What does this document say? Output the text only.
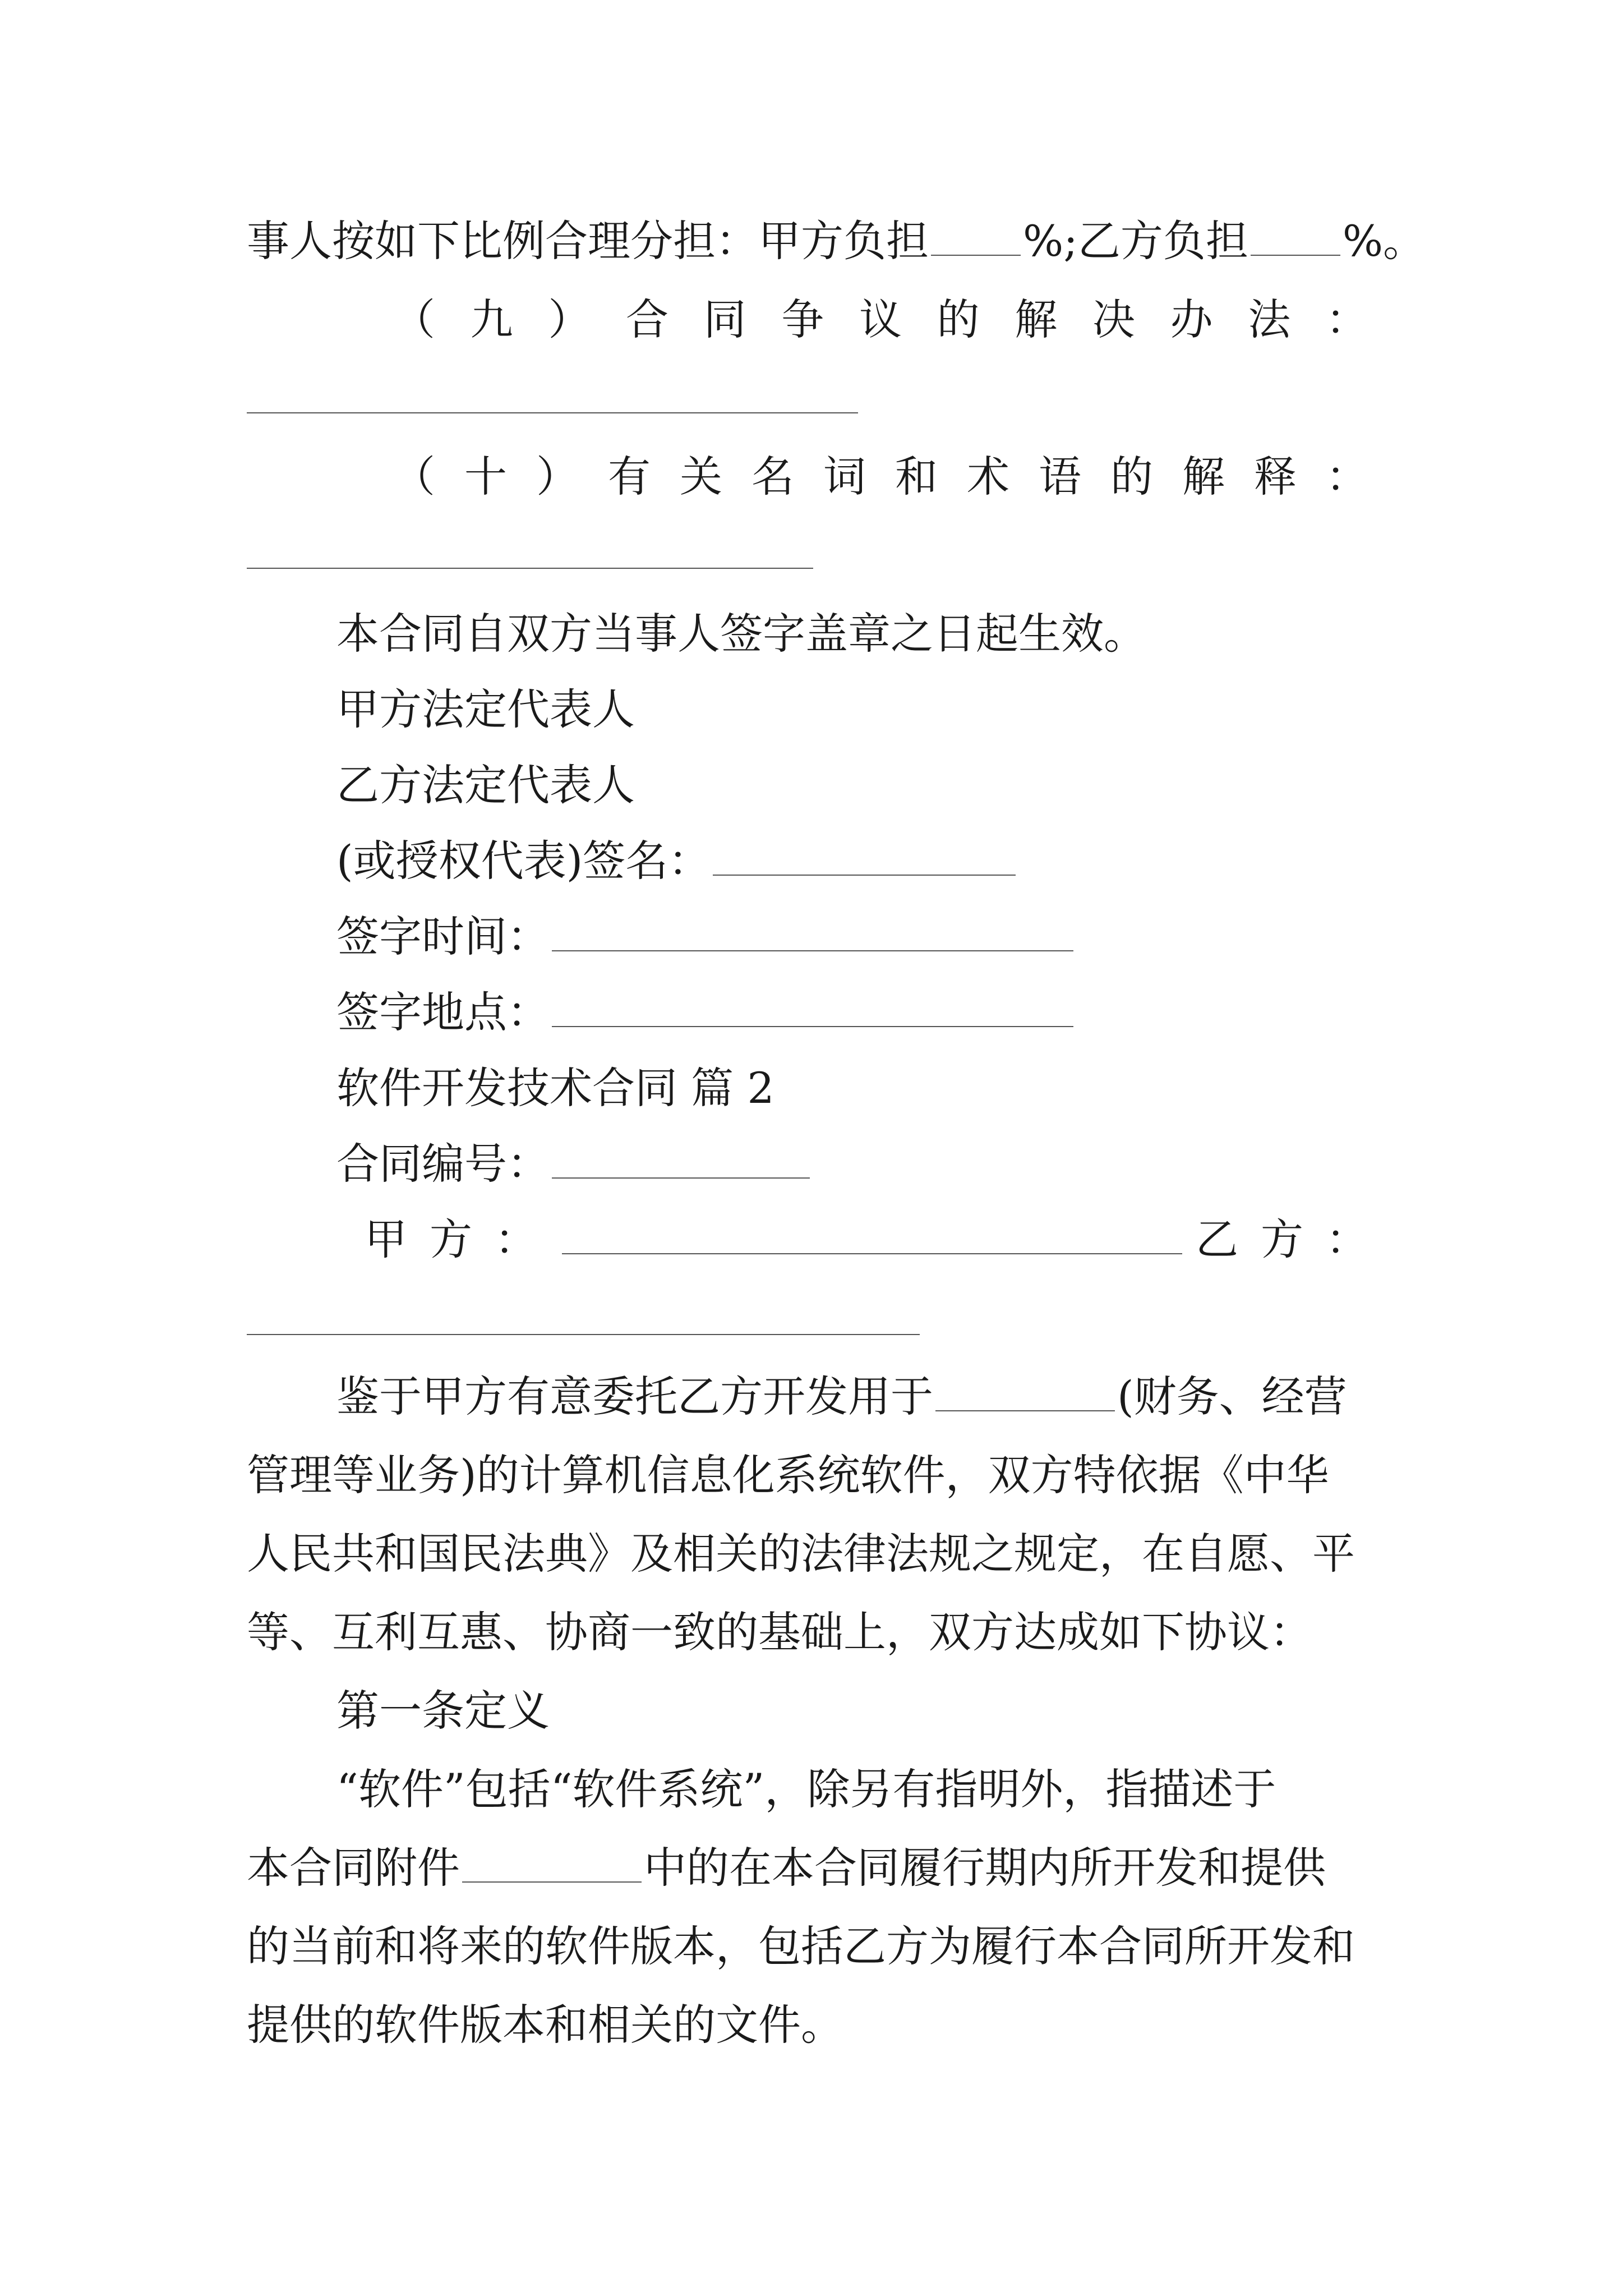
事人按如下比例合理分担：甲方负担 %;乙方负担 %。
（ 九 ） 合 同 争 议 的 解 决 办 法 ：
（ 十 ） 有 关 名 词 和 术 语 的 解 释 ：
本合同自双方当事人签字盖章之日起生效。
甲方法定代表人
乙方法定代表人
(或授权代表)签名：
签字时间：
签字地点：
软件开发技术合同 篇 2
合同编号：
甲 方 ：	乙 方 ：
鉴于甲方有意委托乙方开发用于	(财务、经营
管理等业务)的计算机信息化系统软件，双方特依据《中华
人民共和国民法典》及相关的法律法规之规定，在自愿、平
等、互利互惠、协商一致的基础上，双方达成如下协议：
第一条定义
“软件”包括“软件系统”，除另有指明外，指描述于
本合同附件	中的在本合同履行期内所开发和提供
的当前和将来的软件版本，包括乙方为履行本合同所开发和
提供的软件版本和相关的文件。
